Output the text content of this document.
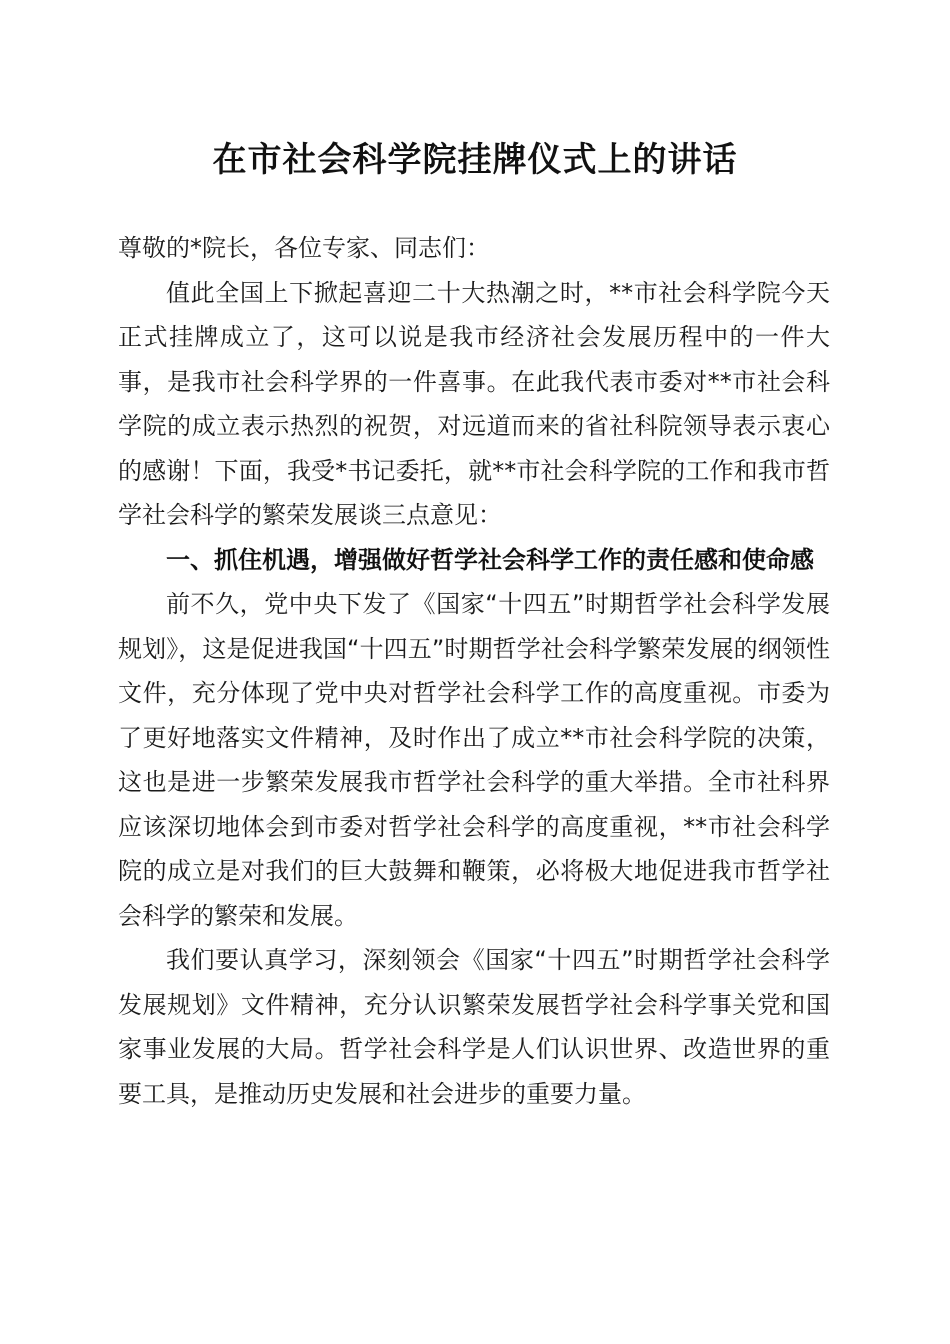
在市社会科学院挂牌仪式上的讲话

尊敬的*院长，各位专家、同志们：

值此全国上下掀起喜迎二十大热潮之时，**市社会科学院今天正式挂牌成立了，这可以说是我市经济社会发展历程中的一件大事，是我市社会科学界的一件喜事。在此我代表市委对**市社会科学院的成立表示热烈的祝贺，对远道而来的省社科院领导表示衷心的感谢！下面，我受*书记委托，就**市社会科学院的工作和我市哲学社会科学的繁荣发展谈三点意见：

一、抓住机遇，增强做好哲学社会科学工作的责任感和使命感

前不久，党中央下发了《国家“十四五”时期哲学社会科学发展规划》，这是促进我国“十四五”时期哲学社会科学繁荣发展的纲领性文件，充分体现了党中央对哲学社会科学工作的高度重视。市委为了更好地落实文件精神，及时作出了成立**市社会科学院的决策，这也是进一步繁荣发展我市哲学社会科学的重大举措。全市社科界应该深切地体会到市委对哲学社会科学的高度重视，**市社会科学院的成立是对我们的巨大鼓舞和鞭策，必将极大地促进我市哲学社会科学的繁荣和发展。

我们要认真学习，深刻领会《国家“十四五”时期哲学社会科学发展规划》文件精神，充分认识繁荣发展哲学社会科学事关党和国家事业发展的大局。哲学社会科学是人们认识世界、改造世界的重要工具，是推动历史发展和社会进步的重要力量。
